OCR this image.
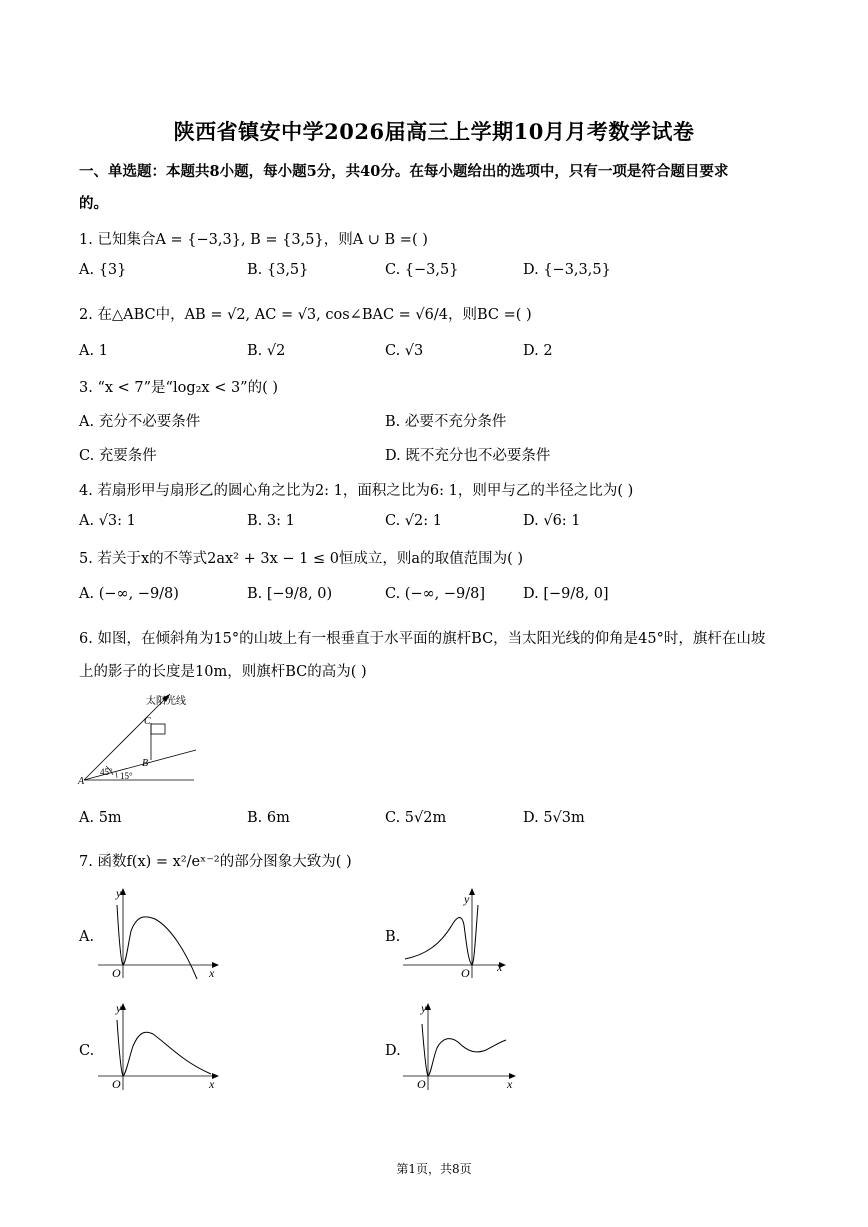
陕西省镇安中学2026届高三上学期10月月考数学试卷
一、单选题：本题共8小题，每小题5分，共40分。在每小题给出的选项中，只有一项是符合题目要求
的。
1. 已知集合A = {−3,3}, B = {3,5}，则A ∪ B =( )
A. {3}	B. {3,5}	C. {−3,5}	D. {−3,3,5}
2. 在△ABC中，AB = √2, AC = √3, cos∠BAC = √6/4，则BC =( )
A. 1	B. √2	C. √3	D. 2
3. “x < 7”是“log₂x < 3”的( )
A. 充分不必要条件	B. 必要不充分条件
C. 充要条件	D. 既不充分也不必要条件
4. 若扇形甲与扇形乙的圆心角之比为2: 1，面积之比为6: 1，则甲与乙的半径之比为( )
A. √3: 1	B. 3: 1	C. √2: 1	D. √6: 1
5. 若关于x的不等式2ax² + 3x − 1 ≤ 0恒成立，则a的取值范围为( )
A. (−∞, −9/8)	B. [−9/8, 0)	C. (−∞, −9/8]	D. [−9/8, 0]
6. 如图，在倾斜角为15°的山坡上有一根垂直于水平面的旗杆BC，当太阳光线的仰角是45°时，旗杆在山坡
上的影子的长度是10m，则旗杆BC的高为( )
太阳光线
A
B
C
45° 15°
A. 5m	B. 6m	C. 5√2m	D. 5√3m
7. 函数f(x) = x²/eˣ⁻²的部分图象大致为( )
A.
y
x
O
B.
y
x
O
C.
y
x
O
D.
y
x
O
第1页，共8页
